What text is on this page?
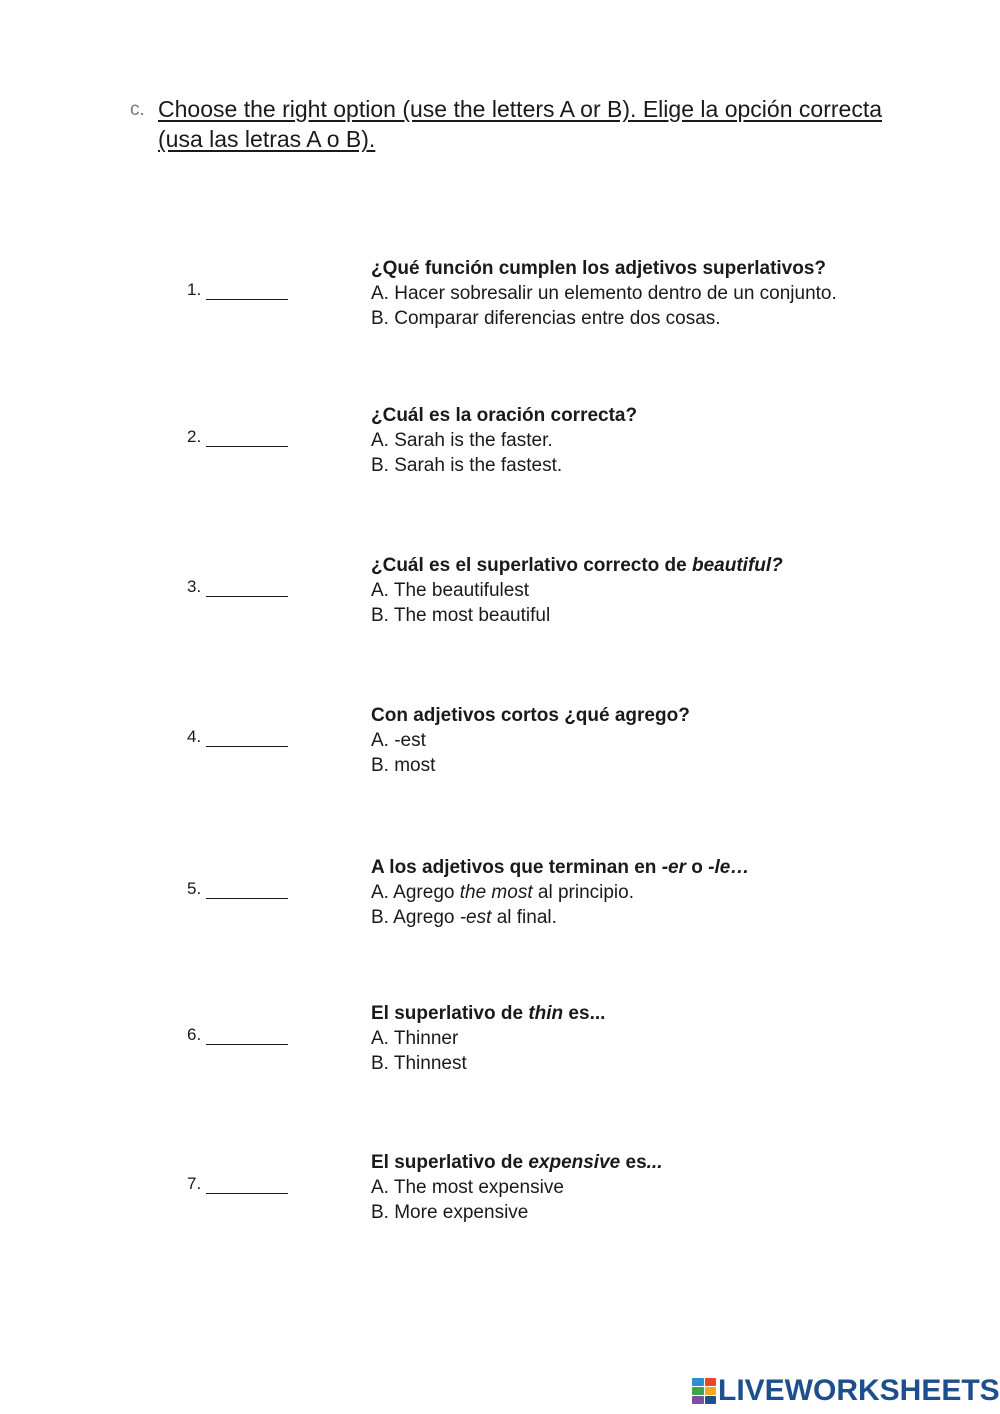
c. Choose the right option (use the letters A or B). Elige la opción correcta (usa las letras A o B).
1.
¿Qué función cumplen los adjetivos superlativos?
A. Hacer sobresalir un elemento dentro de un conjunto.
B. Comparar diferencias entre dos cosas.
2.
¿Cuál es la oración correcta?
A. Sarah is the faster.
B. Sarah is the fastest.
3.
¿Cuál es el superlativo correcto de beautiful?
A. The beautifulest
B. The most beautiful
4.
Con adjetivos cortos ¿qué agrego?
A. -est
B. most
5.
A los adjetivos que terminan en -er o -le…
A. Agrego the most al principio.
B. Agrego -est al final.
6.
El superlativo de thin es...
A. Thinner
B. Thinnest
7.
El superlativo de expensive es...
A. The most expensive
B. More expensive
LIVEWORKSHEETS
